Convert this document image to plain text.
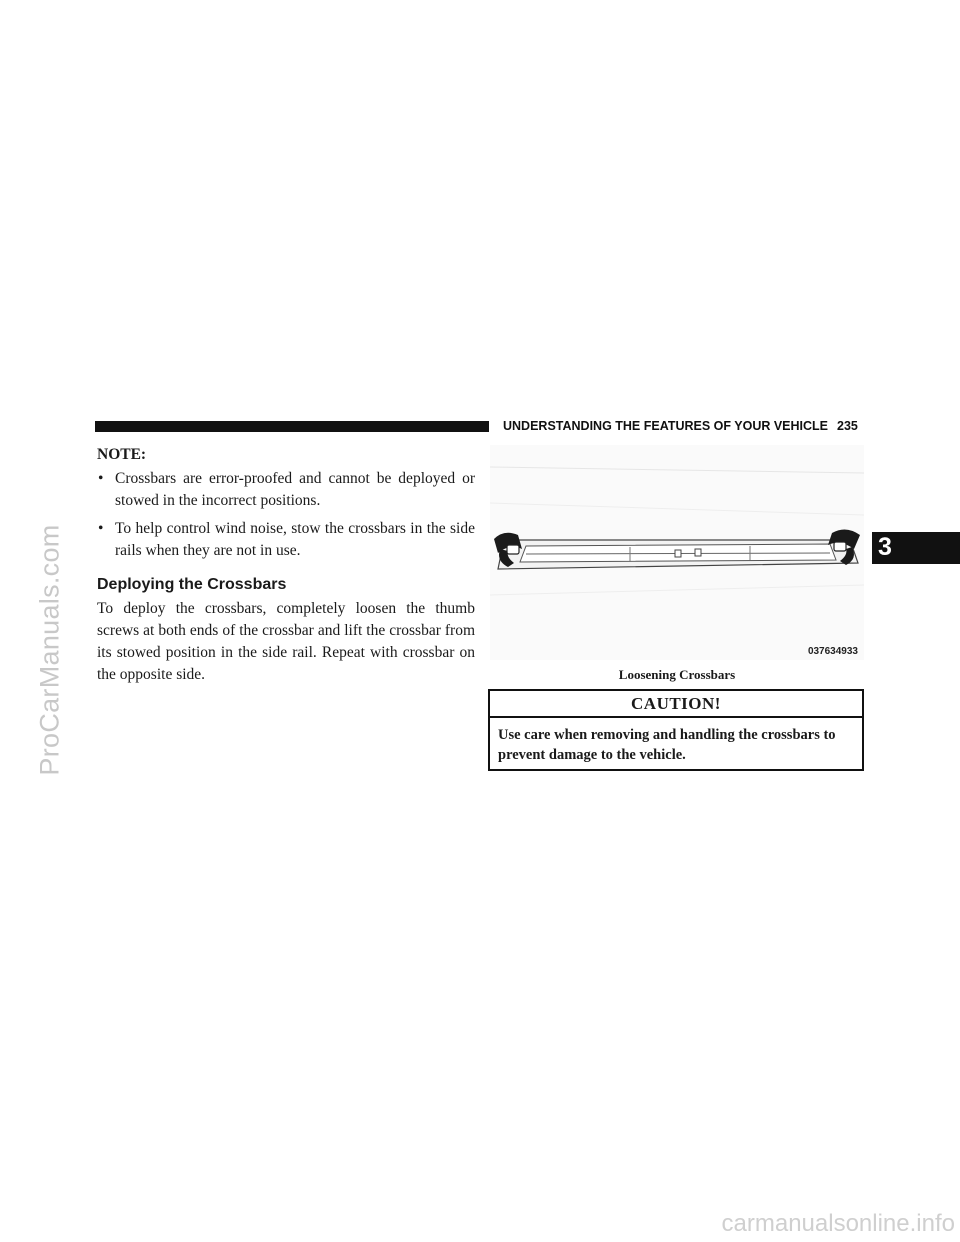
ProCarManuals.com
carmanualsonline.info
UNDERSTANDING THE FEATURES OF YOUR VEHICLE 235
3

NOTE:

• Crossbars are error-proofed and cannot be deployed or stowed in the incorrect positions.
• To help control wind noise, stow the crossbars in the side rails when they are not in use.
Deploying the Crossbars

To deploy the crossbars, completely loosen the thumb screws at both ends of the crossbar and lift the crossbar from its stowed position in the side rail. Repeat with crossbar on the opposite side.

037634933
Loosening Crossbars
CAUTION!
Use care when removing and handling the crossbars to prevent damage to the vehicle.
